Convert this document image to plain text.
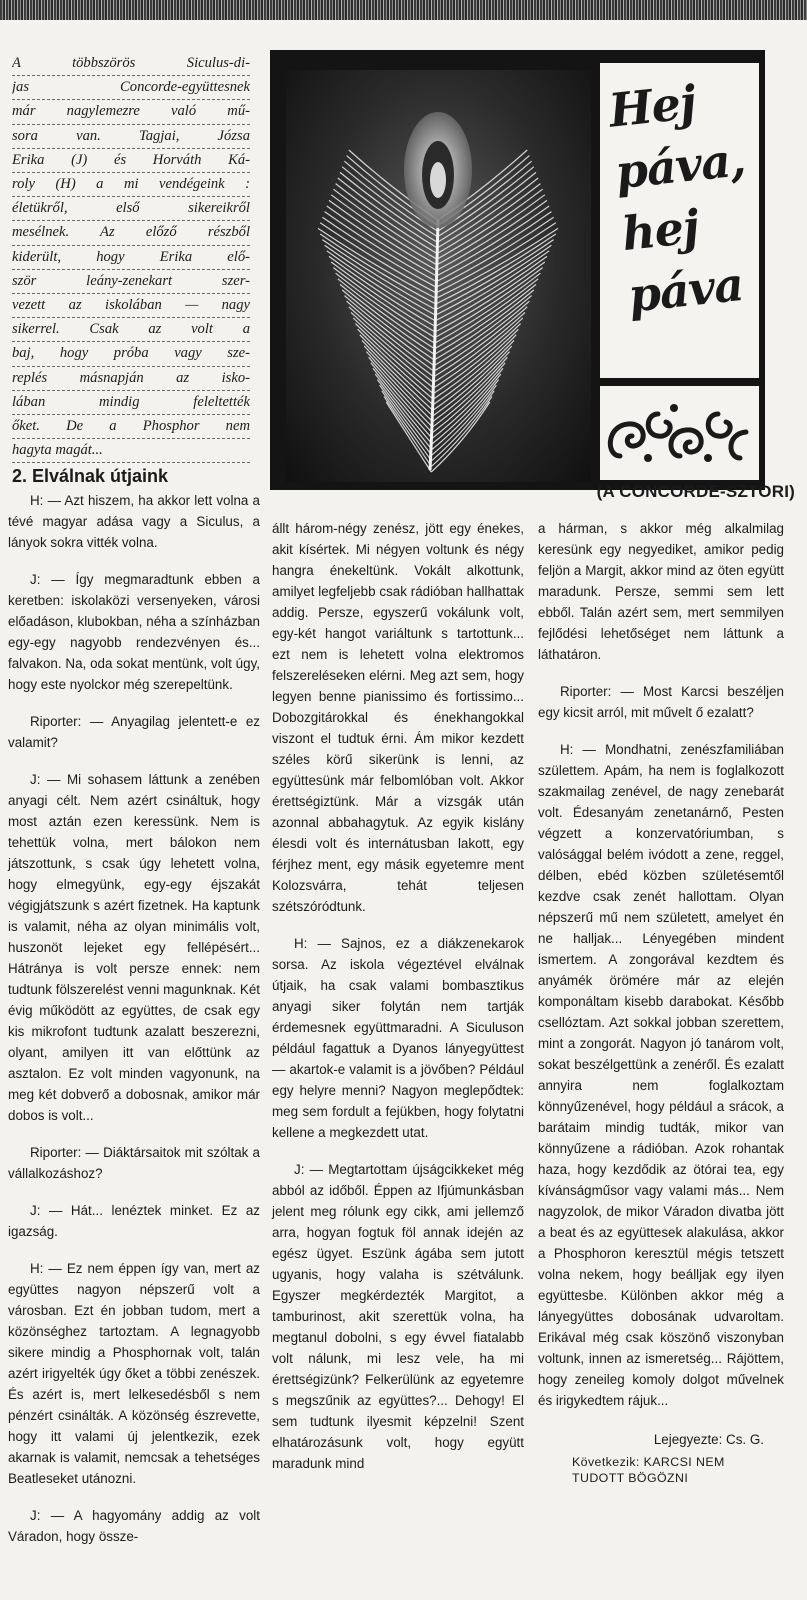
A többszörös Siculus-di-
jas Concorde-együttesnek
már nagylemezre való mű-
sora van. Tagjai, Józsa
Erika (J) és Horváth Ká-
roly (H) a mi vendégeink :
életükről, első sikereikről
mesélnek. Az előző részből
kiderült, hogy Erika elő-
ször leány-zenekart szer-
vezett az iskolában — nagy
sikerrel. Csak az volt a
baj, hogy próba vagy sze-
replés másnapján az isko-
lában mindig feleltették
őket. De a Phosphor nem
hagyta magát...
2. Elválnak útjaink
Hej
páva,
hej
páva
(A CONCORDE-SZTORI)

H: — Azt hiszem, ha akkor lett volna a tévé magyar adása vagy a Siculus, a lányok sokra vitték volna.

J: — Így megmaradtunk ebben a keretben: iskolaközi versenyeken, városi előadáson, klubokban, néha a színházban egy-egy nagyobb rendezvényen és... falvakon. Na, oda sokat mentünk, volt úgy, hogy este nyolckor még szerepeltünk.

Riporter: — Anyagilag jelentett-e ez valamit?

J: — Mi sohasem láttunk a zenében anyagi célt. Nem azért csináltuk, hogy most aztán ezen keressünk. Nem is tehettük volna, mert bálokon nem játszottunk, s csak úgy lehetett volna, hogy elmegyünk, egy-egy éjszakát végigjátszunk s azért fizetnek. Ha kaptunk is valamit, néha az olyan minimális volt, huszonöt lejeket egy fellépésért... Hátránya is volt persze ennek: nem tudtunk fölszerelést venni magunknak. Két évig működött az együttes, de csak egy kis mikrofont tudtunk azalatt beszerezni, olyant, amilyen itt van előttünk az asztalon. Ez volt minden vagyonunk, na meg két dobverő a dobosnak, amikor már dobos is volt...

Riporter: — Diáktársaitok mit szóltak a vállalkozáshoz?

J: — Hát... lenéztek minket. Ez az igazság.

H: — Ez nem éppen így van, mert az együttes nagyon népszerű volt a városban. Ezt én jobban tudom, mert a közönséghez tartoztam. A legnagyobb sikere mindig a Phosphornak volt, talán azért irigyelték úgy őket a többi zenészek. És azért is, mert lelkesedésből s nem pénzért csinálták. A közönség észrevette, hogy itt valami új jelentkezik, ezek akarnak is valamit, nemcsak a tehetséges Beatleseket utánozni.

J: — A hagyomány addig az volt Váradon, hogy össze-

állt három-négy zenész, jött egy énekes, akit kísértek. Mi négyen voltunk és négy hangra énekeltünk. Vokált alkottunk, amilyet legfeljebb csak rádióban hallhattak addig. Persze, egyszerű vokálunk volt, egy-két hangot variáltunk s tartottunk... ezt nem is lehetett volna elektromos felszereléseken elérni. Meg azt sem, hogy legyen benne pianissimo és fortissimo... Dobozgitárokkal és énekhangokkal viszont el tudtuk érni. Ám mikor kezdett széles körű sikerünk is lenni, az együttesünk már felbomlóban volt. Akkor érettségiztünk. Már a vizsgák után azonnal abbahagytuk. Az egyik kislány élesdi volt és internátusban lakott, egy férjhez ment, egy másik egyetemre ment Kolozsvárra, tehát teljesen szétszóródtunk.

H: — Sajnos, ez a diákzenekarok sorsa. Az iskola végeztével elválnak útjaik, ha csak valami bombasztikus anyagi siker folytán nem tartják érdemesnek együttmaradni. A Siculuson például fagattuk a Dyanos lányegyüttest — akartok-e valamit is a jövőben? Például egy helyre menni? Nagyon meglepődtek: meg sem fordult a fejükben, hogy folytatni kellene a megkezdett utat.

J: — Megtartottam újságcikkeket még abból az időből. Éppen az Ifjúmunkásban jelent meg rólunk egy cikk, ami jellemző arra, hogyan fogtuk föl annak idején az egész ügyet. Eszünk ágába sem jutott ugyanis, hogy valaha is szétválunk. Egyszer megkérdezték Margitot, a tamburinost, akit szerettük volna, ha megtanul dobolni, s egy évvel fiatalabb volt nálunk, mi lesz vele, ha mi érettségizünk? Felkerülünk az egyetemre s megszűnik az együttes?... Dehogy! El sem tudtunk ilyesmit képzelni! Szent elhatározásunk volt, hogy együtt maradunk mind

a hárman, s akkor még alkalmilag keresünk egy negyediket, amikor pedig feljön a Margit, akkor mind az öten együtt maradunk. Persze, semmi sem lett ebből. Talán azért sem, mert semmilyen fejlődési lehetőséget nem láttunk a láthatáron.

Riporter: — Most Karcsi beszéljen egy kicsit arról, mit művelt ő ezalatt?

H: — Mondhatni, zenészfamiliában születtem. Apám, ha nem is foglalkozott szakmailag zenével, de nagy zenebarát volt. Édesanyám zenetanárnő, Pesten végzett a konzervatóriumban, s valósággal belém ivódott a zene, reggel, délben, ebéd közben születésemtől kezdve csak zenét hallottam. Olyan népszerű mű nem született, amelyet én ne halljak... Lényegében mindent ismertem. A zongorával kezdtem és anyámék örömére már az elején komponáltam kisebb darabokat. Később csellóztam. Azt sokkal jobban szerettem, mint a zongorát. Nagyon jó tanárom volt, sokat beszélgettünk a zenéről. És ezalatt annyira nem foglalkoztam könnyűzenével, hogy például a srácok, a barátaim mindig tudták, mikor van könnyűzene a rádióban. Azok rohantak haza, hogy kezdődik az ötórai tea, egy kívánságműsor vagy valami más... Nem nagyzolok, de mikor Váradon divatba jött a beat és az együttesek alakulása, akkor a Phosphoron keresztül mégis tetszett volna nekem, hogy beálljak egy ilyen együttesbe. Különben akkor még a lányegyüttes dobosának udvaroltam. Erikával még csak köszönő viszonyban voltunk, innen az ismeretség... Rájöttem, hogy zeneileg komoly dolgot művelnek és irigykedtem rájuk...

Lejegyezte: Cs. G.
Következik: KARCSI NEM
TUDOTT BÖGÖZNI
